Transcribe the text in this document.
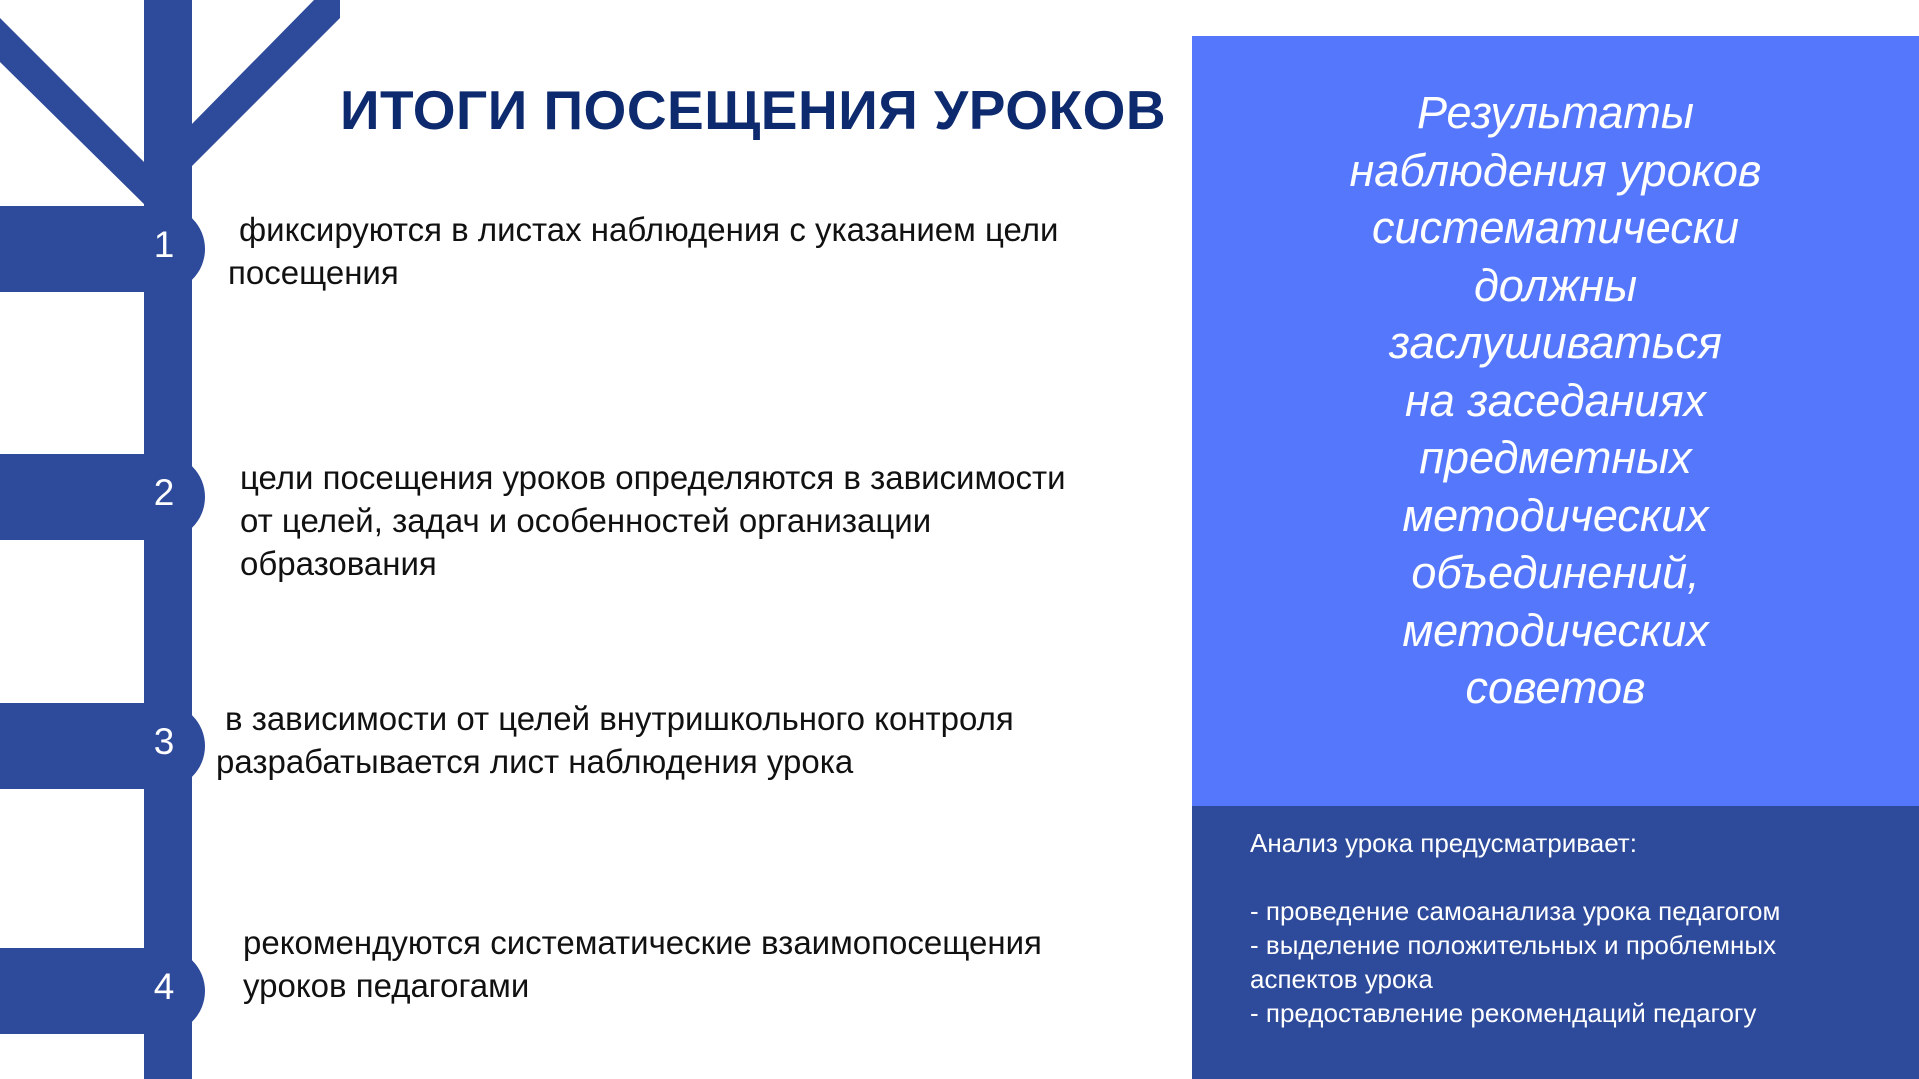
ИТОГИ ПОСЕЩЕНИЯ УРОКОВ
1	фиксируются в листах наблюдения с указанием цели
посещения
2 цели посещения уроков определяются в зависимости
от целей, задач и особенностей организации
образования
3
в зависимости от целей внутришкольного контроля
разрабатывается лист наблюдения урока
4
рекомендуются систематические взаимопосещения
уроков педагогами
Результаты
наблюдения уроков
систематически
должны
заслушиваться
на заседаниях
предметных
методических
объединений,
методических
советов
Анализ урока предусматривает:
- проведение самоанализа урока педагогом
- выделение положительных и проблемных
аспектов урока
- предоставление рекомендаций педагогу
